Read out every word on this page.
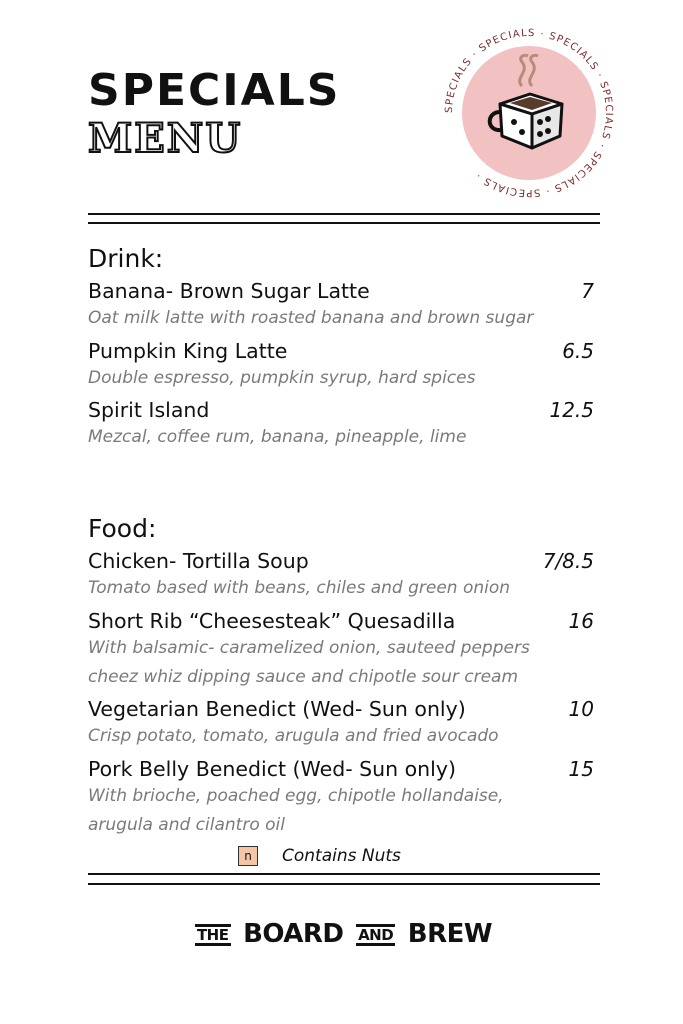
SPECIALS
MENU
SPECIALS · SPECIALS · SPECIALS · SPECIALS · SPECIALS · SPECIALS ·
Drink:
Banana- Brown Sugar Latte	7
Oat milk latte with roasted banana and brown sugar
Pumpkin King Latte	6.5
Double espresso, pumpkin syrup, hard spices
Spirit Island	12.5
Mezcal, coffee rum, banana, pineapple, lime
Food:
Chicken- Tortilla Soup	7/8.5
Tomato based with beans, chiles and green onion
Short Rib “Cheesesteak” Quesadilla	16
With balsamic- caramelized onion, sauteed peppers
cheez whiz dipping sauce and chipotle sour cream
Vegetarian Benedict (Wed- Sun only)	10
Crisp potato, tomato, arugula and fried avocado
Pork Belly Benedict (Wed- Sun only)	15
With brioche, poached egg, chipotle hollandaise,
arugula and cilantro oil
n	Contains Nuts
THE BOARD AND BREW
